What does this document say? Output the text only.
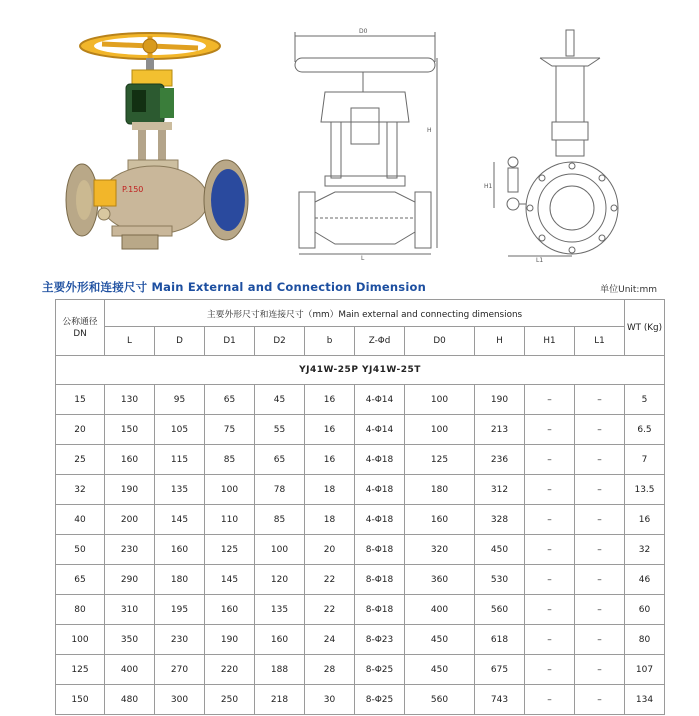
P.150
D0
H
L
H1
L1
主要外形和连接尺寸 Main External and Connection Dimension	单位Unit:mm
公称通径 DN	主要外形尺寸和连接尺寸（mm）Main external and connecting dimensions										WT (Kg)
	L	D	D1	D2	b	Z-Φd	D0	H	H1	L1	
YJ41W-25P YJ41W-25T											
15	130	95	65	45	16	4-Φ14	100	190	–	–	5
20	150	105	75	55	16	4-Φ14	100	213	–	–	6.5
25	160	115	85	65	16	4-Φ18	125	236	–	–	7
32	190	135	100	78	18	4-Φ18	180	312	–	–	13.5
40	200	145	110	85	18	4-Φ18	160	328	–	–	16
50	230	160	125	100	20	8-Φ18	320	450	–	–	32
65	290	180	145	120	22	8-Φ18	360	530	–	–	46
80	310	195	160	135	22	8-Φ18	400	560	–	–	60
100	350	230	190	160	24	8-Φ23	450	618	–	–	80
125	400	270	220	188	28	8-Φ25	450	675	–	–	107
150	480	300	250	218	30	8-Φ25	560	743	–	–	134
